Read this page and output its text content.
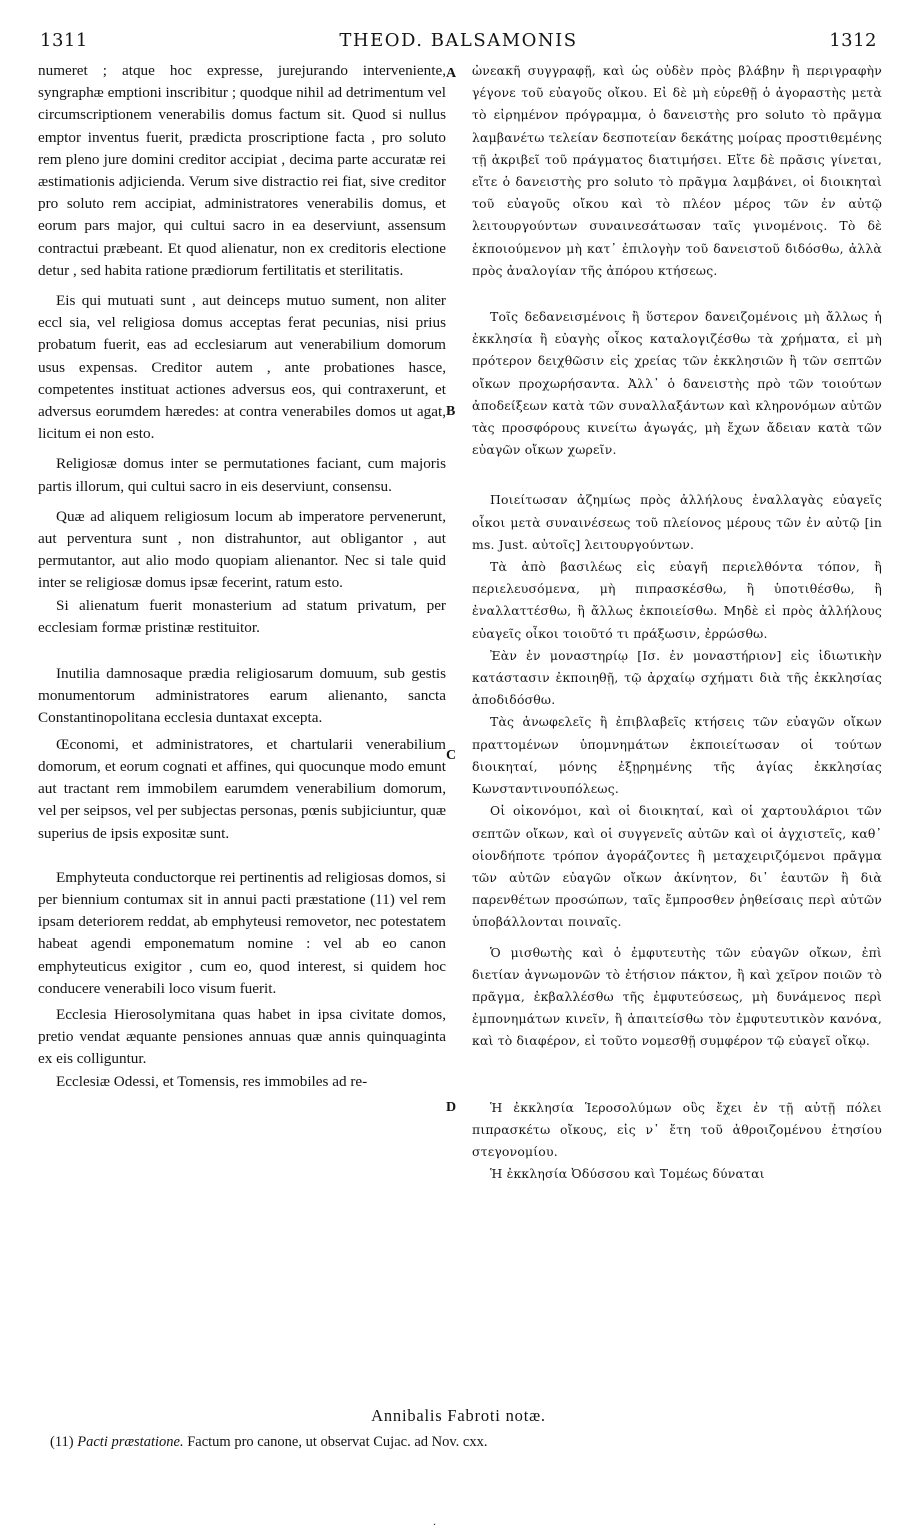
1311	THEOD. BALSAMONIS	1312

numeret ; atque hoc expresse, jurejurando interveniente, syngraphæ emptioni inscribitur ; quodque nihil ad detrimentum vel circumscriptionem venerabilis domus factum sit. Quod si nullus emptor inventus fuerit, prædicta proscriptione facta , pro soluto rem pleno jure domini creditor accipiat , decima parte accuratæ rei æstimationis adjicienda. Verum sive distractio rei fiat, sive creditor pro soluto rem accipiat, administratores venerabilis domus, et eorum pars major, qui cultui sacro in ea deserviunt, assensum contractui præbeant. Et quod alienatur, non ex creditoris electione detur , sed habita ratione prædiorum fertilitatis et sterilitatis.

Eis qui mutuati sunt , aut deinceps mutuo sument, non aliter eccl sia, vel religiosa domus acceptas ferat pecunias, nisi prius probatum fuerit, eas ad ecclesiarum aut venerabilium domorum usus expensas. Creditor autem , ante probationes hasce, competentes instituat actiones adversus eos, qui contraxerunt, et adversus eorumdem hæredes: at contra venerabiles domos ut agat, licitum ei non esto.

Religiosæ domus inter se permutationes faciant, cum majoris partis illorum, qui cultui sacro in eis deserviunt, consensu.

Quæ ad aliquem religiosum locum ab imperatore pervenerunt, aut perventura sunt , non distrahuntor, aut obligantor , aut permutantor, aut alio modo quopiam alienantor. Nec si tale quid inter se religiosæ domus ipsæ fecerint, ratum esto.

Si alienatum fuerit monasterium ad statum privatum, per ecclesiam formæ pristinæ restituitor.

Inutilia damnosaque prædia religiosarum domuum, sub gestis monumentorum administratores earum alienanto, sancta Constantinopolitana ecclesia duntaxat excepta.

Œconomi, et administratores, et chartularii venerabilium domorum, et eorum cognati et affines, qui quocunque modo emunt aut tractant rem immobilem earumdem venerabilium domorum, vel per seipsos, vel per subjectas personas, pœnis subjiciuntur, quæ superius de ipsis expositæ sunt.

Emphyteuta conductorque rei pertinentis ad religiosas domos, si per biennium contumax sit in annui pacti præstatione (11) vel rem ipsam deteriorem reddat, ab emphyteusi removetor, nec potestatem habeat agendi emponematum nomine : vel ab eo canon emphyteuticus exigitor , cum eo, quod interest, si quidem hoc conducere venerabili loco visum fuerit.

Ecclesia Hierosolymitana quas habet in ipsa civitate domos, pretio vendat æquante pensiones annuas quæ annis quinquaginta ex eis colliguntur.

Ecclesiæ Odessi, et Tomensis, res immobiles ad re-

A
B
C
D

ὠνεακῆ συγγραφῇ, καὶ ὡς οὐδὲν πρὸς βλάβην ἢ περιγραφὴν γέγονε τοῦ εὐαγοῦς οἴκου. Εἰ δὲ μὴ εὑρεθῇ ὁ ἀγοραστὴς μετὰ τὸ εἰρημένον πρόγραμμα, ὁ δανειστὴς pro soluto τὸ πρᾶγμα λαμβανέτω τελείαν δεσποτείαν δεκάτης μοίρας προστιθεμένης τῇ ἀκριβεῖ τοῦ πράγματος διατιμήσει. Εἴτε δὲ πρᾶσις γίνεται, εἴτε ὁ δανειστὴς pro soluto τὸ πρᾶγμα λαμβάνει, οἱ διοικηταὶ τοῦ εὐαγοῦς οἴκου καὶ τὸ πλέον μέρος τῶν ἐν αὐτῷ λειτουργούντων συναινεσάτωσαν ταῖς γινομένοις. Τὸ δὲ ἐκποιούμενον μὴ κατ᾽ ἐπιλογὴν τοῦ δανειστοῦ διδόσθω, ἀλλὰ πρὸς ἀναλογίαν τῆς ἀπόρου κτήσεως.

Τοῖς δεδανεισμένοις ἢ ὕστερον δανειζομένοις μὴ ἄλλως ἡ ἐκκλησία ἢ εὐαγὴς οἶκος καταλογιζέσθω τὰ χρήματα, εἰ μὴ πρότερον δειχθῶσιν εἰς χρείας τῶν ἐκκλησιῶν ἢ τῶν σεπτῶν οἴκων προχωρήσαντα. Ἀλλ᾽ ὁ δανειστὴς πρὸ τῶν τοιούτων ἀποδείξεων κατὰ τῶν συναλλαξάντων καὶ κληρονόμων αὐτῶν τὰς προσφόρους κινείτω ἀγωγάς, μὴ ἔχων ἄδειαν κατὰ τῶν εὐαγῶν οἴκων χωρεῖν.

Ποιείτωσαν ἀζημίως πρὸς ἀλλήλους ἐναλλαγὰς εὐαγεῖς οἶκοι μετὰ συναινέσεως τοῦ πλείονος μέρους τῶν ἐν αὐτῷ [in ms. Just. αὐτοῖς] λειτουργούντων.

Τὰ ἀπὸ βασιλέως εἰς εὐαγῆ περιελθόντα τόπον, ἢ περιελευσόμενα, μὴ πιπρασκέσθω, ἢ ὑποτιθέσθω, ἢ ἐναλλαττέσθω, ἢ ἄλλως ἐκποιείσθω. Μηδὲ εἰ πρὸς ἀλλήλους εὐαγεῖς οἶκοι τοιοῦτό τι πράξωσιν, ἐρρώσθω.

Ἐὰν ἐν μοναστηρίῳ [Ισ. ἐν μοναστήριον] εἰς ἰδιωτικὴν κατάστασιν ἐκποιηθῇ, τῷ ἀρχαίῳ σχήματι διὰ τῆς ἐκκλησίας ἀποδιδόσθω.

Τὰς ἀνωφελεῖς ἢ ἐπιβλαβεῖς κτήσεις τῶν εὐαγῶν οἴκων πραττομένων ὑπομνημάτων ἐκποιείτωσαν οἱ τούτων διοικηταί, μόνης ἐξῃρημένης τῆς ἁγίας ἐκκλησίας Κωνσταντινουπόλεως.

Οἱ οἰκονόμοι, καὶ οἱ διοικηταί, καὶ οἱ χαρτουλάριοι τῶν σεπτῶν οἴκων, καὶ οἱ συγγενεῖς αὐτῶν καὶ οἱ ἀγχιστεῖς, καθ᾽ οἱονδήποτε τρόπον ἀγοράζοντες ἢ μεταχειριζόμενοι πρᾶγμα τῶν αὐτῶν εὐαγῶν οἴκων ἀκίνητον, δι᾽ ἑαυτῶν ἢ διὰ παρενθέτων προσώπων, ταῖς ἔμπροσθεν ῥηθείσαις περὶ αὐτῶν ὑποβάλλονται ποιναῖς.

Ὁ μισθωτὴς καὶ ὁ ἐμφυτευτὴς τῶν εὐαγῶν οἴκων, ἐπὶ διετίαν ἀγνωμονῶν τὸ ἐτήσιον πάκτον, ἢ καὶ χεῖρον ποιῶν τὸ πρᾶγμα, ἐκβαλλέσθω τῆς ἐμφυτεύσεως, μὴ δυνάμενος περὶ ἐμπονημάτων κινεῖν, ἢ ἀπαιτείσθω τὸν ἐμφυτευτικὸν κανόνα, καὶ τὸ διαφέρον, εἰ τοῦτο νομεσθῇ συμφέρον τῷ εὐαγεῖ οἴκῳ.

Ἡ ἐκκλησία Ἱεροσολύμων οὓς ἔχει ἐν τῇ αὐτῇ πόλει πιπρασκέτω οἴκους, εἰς ν᾽ ἔτη τοῦ ἀθροιζομένου ἐτησίου στεγονομίου.

Ἡ ἐκκλησία Ὀδύσσου καὶ Τομέως δύναται

Annibalis Fabroti notæ.
(11) Pacti præstatione. Factum pro canone, ut observat Cujac. ad Nov. cxx.
.
